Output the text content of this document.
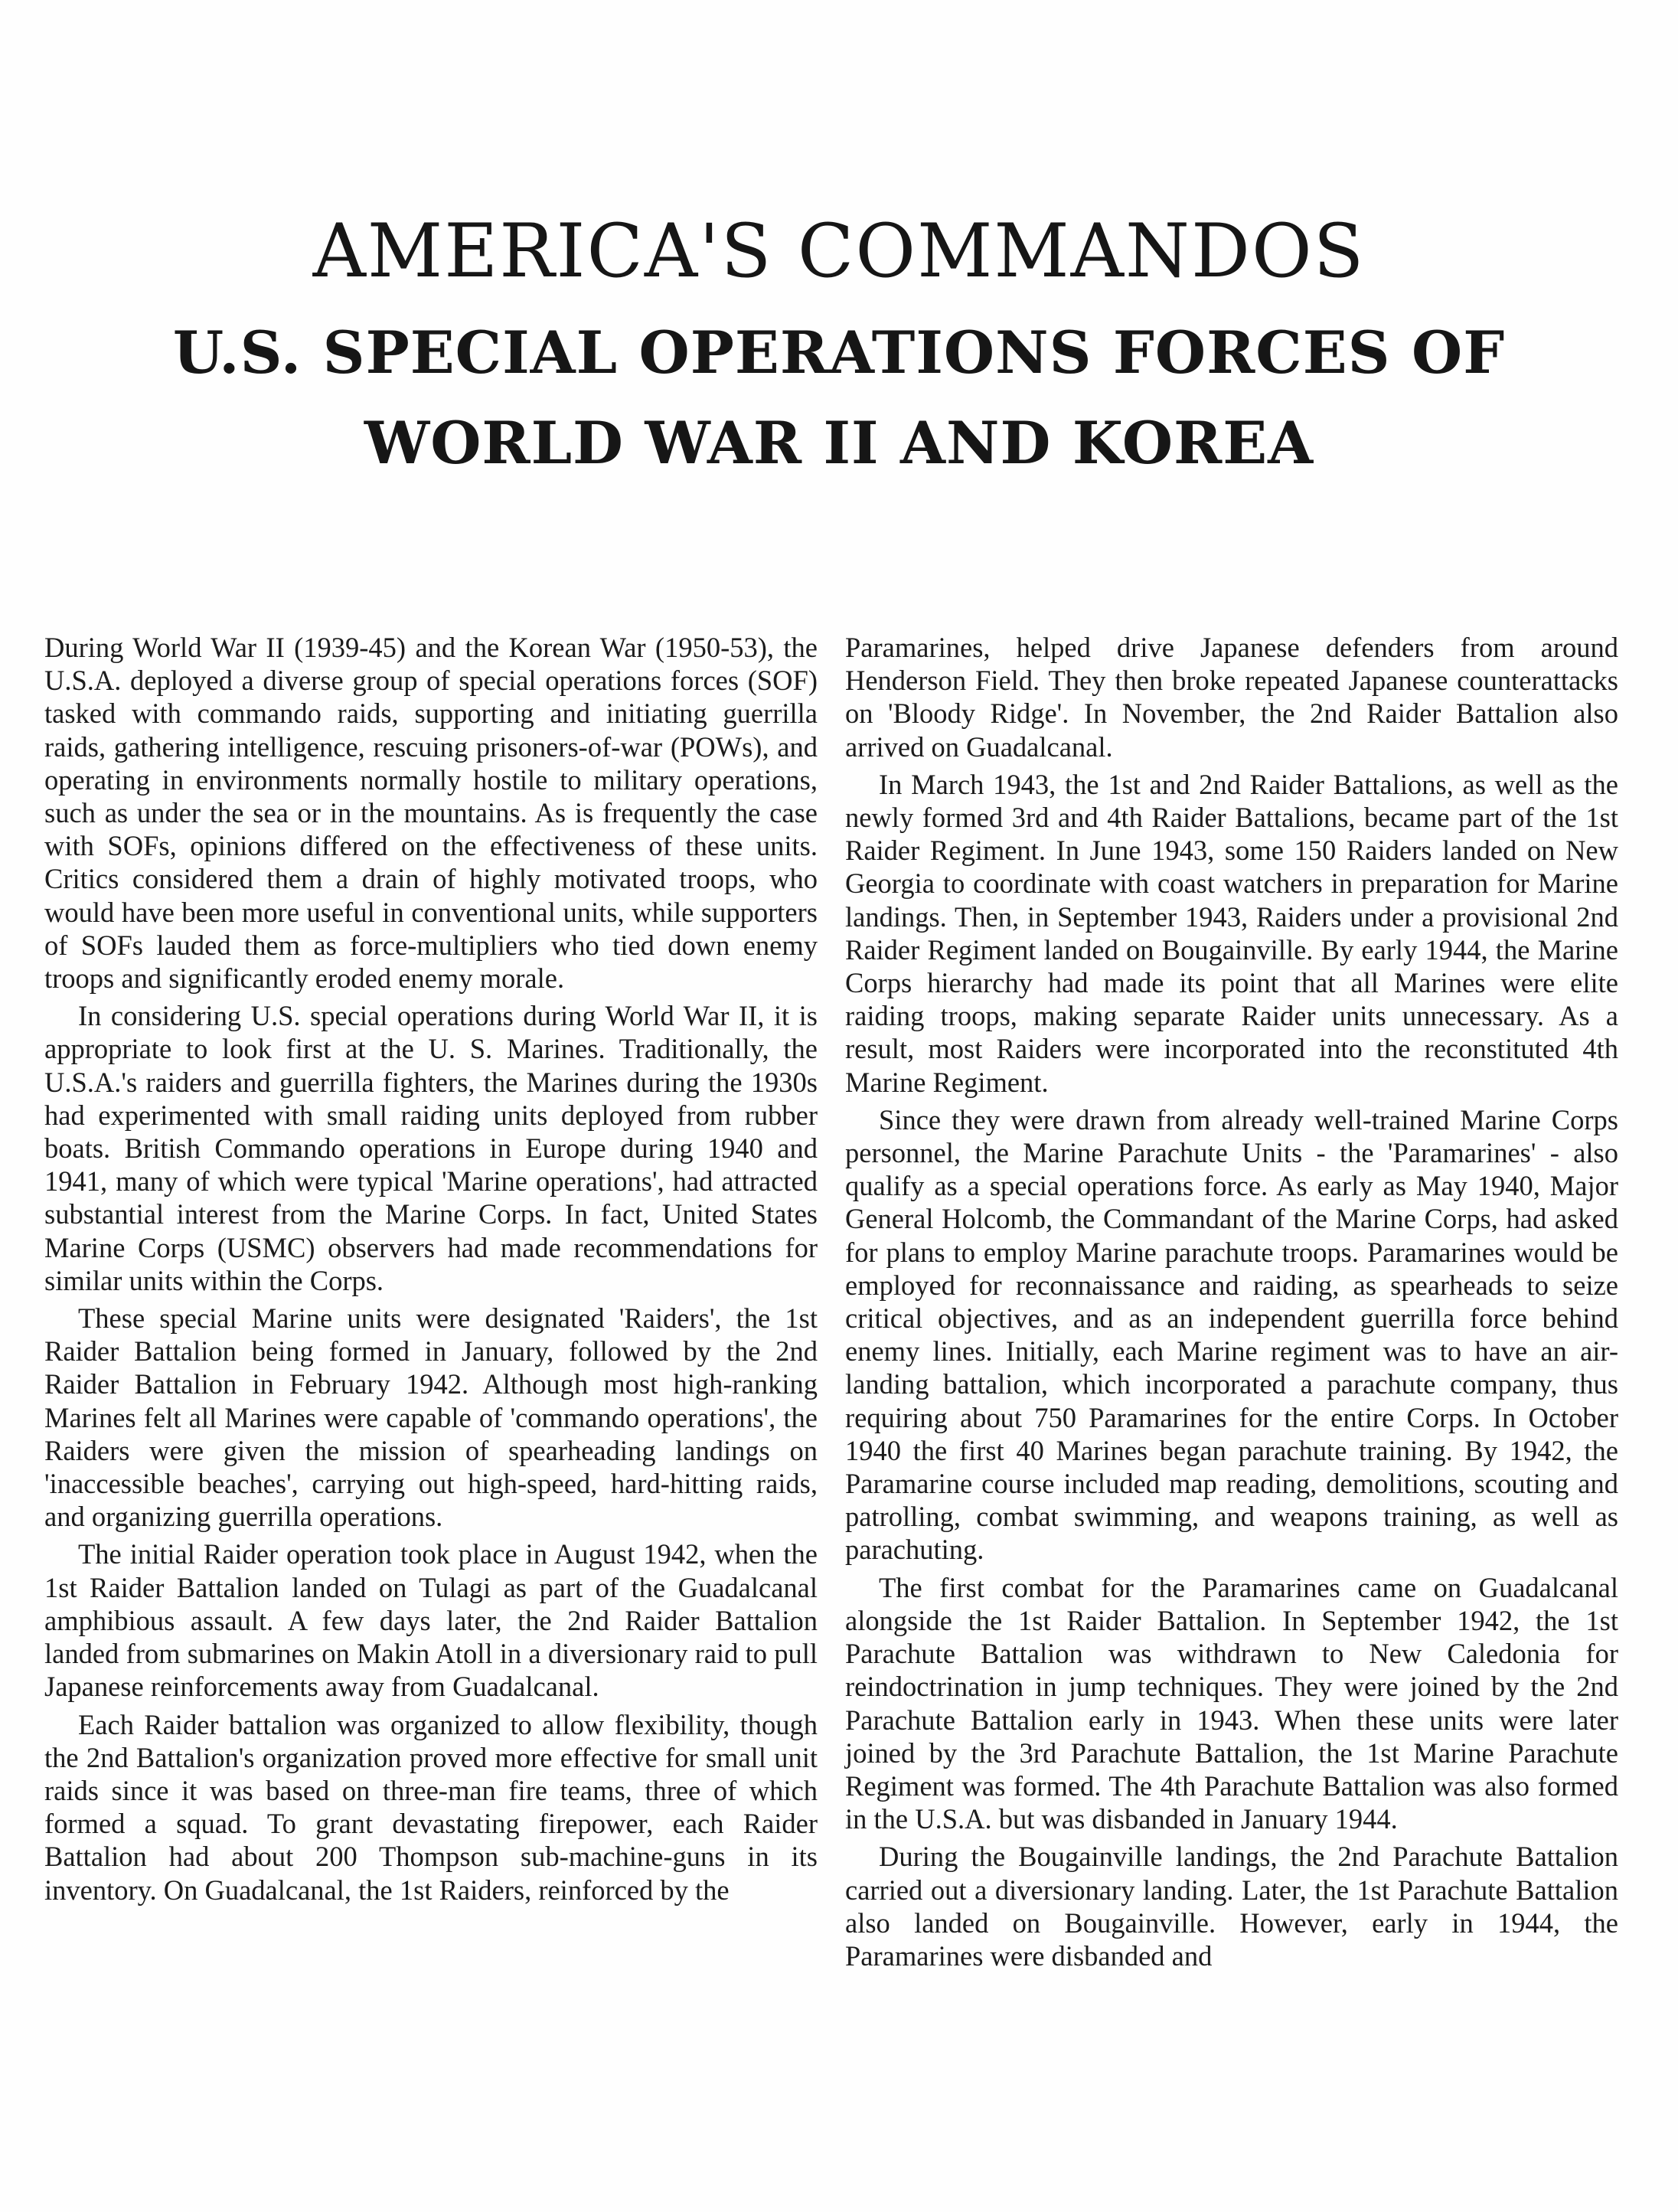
AMERICA'S COMMANDOS
U.S. SPECIAL OPERATIONS FORCES OF
WORLD WAR II AND KOREA

During World War II (1939-45) and the Korean War (1950-53), the U.S.A. deployed a diverse group of special operations forces (SOF) tasked with commando raids, supporting and initiating guerrilla raids, gathering intelligence, rescuing prisoners-of-war (POWs), and operating in environments normally hostile to military operations, such as under the sea or in the mountains. As is frequently the case with SOFs, opinions differed on the effectiveness of these units. Critics considered them a drain of highly motivated troops, who would have been more useful in conventional units, while supporters of SOFs lauded them as force-multipliers who tied down enemy troops and significantly eroded enemy morale.

In considering U.S. special operations during World War II, it is appropriate to look first at the U. S. Marines. Traditionally, the U.S.A.'s raiders and guerrilla fighters, the Marines during the 1930s had experimented with small raiding units deployed from rubber boats. British Commando operations in Europe during 1940 and 1941, many of which were typical 'Marine operations', had attracted substantial interest from the Marine Corps. In fact, United States Marine Corps (USMC) observers had made recommendations for similar units within the Corps.

These special Marine units were designated 'Raiders', the 1st Raider Battalion being formed in January, followed by the 2nd Raider Battalion in February 1942. Although most high-ranking Marines felt all Marines were capable of 'commando operations', the Raiders were given the mission of spearheading landings on 'inaccessible beaches', carrying out high-speed, hard-hitting raids, and organizing guerrilla operations.

The initial Raider operation took place in August 1942, when the 1st Raider Battalion landed on Tulagi as part of the Guadalcanal amphibious assault. A few days later, the 2nd Raider Battalion landed from submarines on Makin Atoll in a diversionary raid to pull Japanese reinforcements away from Guadalcanal.

Each Raider battalion was organized to allow flexibility, though the 2nd Battalion's organization proved more effective for small unit raids since it was based on three-man fire teams, three of which formed a squad. To grant devastating firepower, each Raider Battalion had about 200 Thompson sub-machine-guns in its inventory. On Guadalcanal, the 1st Raiders, reinforced by the

Paramarines, helped drive Japanese defenders from around Henderson Field. They then broke repeated Japanese counterattacks on 'Bloody Ridge'. In November, the 2nd Raider Battalion also arrived on Guadalcanal.

In March 1943, the 1st and 2nd Raider Battalions, as well as the newly formed 3rd and 4th Raider Battalions, became part of the 1st Raider Regiment. In June 1943, some 150 Raiders landed on New Georgia to coordinate with coast watchers in preparation for Marine landings. Then, in September 1943, Raiders under a provisional 2nd Raider Regiment landed on Bougainville. By early 1944, the Marine Corps hierarchy had made its point that all Marines were elite raiding troops, making separate Raider units unnecessary. As a result, most Raiders were incorporated into the reconstituted 4th Marine Regiment.

Since they were drawn from already well-trained Marine Corps personnel, the Marine Parachute Units - the 'Paramarines' - also qualify as a special operations force. As early as May 1940, Major General Holcomb, the Commandant of the Marine Corps, had asked for plans to employ Marine parachute troops. Paramarines would be employed for reconnaissance and raiding, as spearheads to seize critical objectives, and as an independent guerrilla force behind enemy lines. Initially, each Marine regiment was to have an air-landing battalion, which incorporated a parachute company, thus requiring about 750 Paramarines for the entire Corps. In October 1940 the first 40 Marines began parachute training. By 1942, the Paramarine course included map reading, demolitions, scouting and patrolling, combat swimming, and weapons training, as well as parachuting.

The first combat for the Paramarines came on Guadalcanal alongside the 1st Raider Battalion. In September 1942, the 1st Parachute Battalion was withdrawn to New Caledonia for reindoctrination in jump techniques. They were joined by the 2nd Parachute Battalion early in 1943. When these units were later joined by the 3rd Parachute Battalion, the 1st Marine Parachute Regiment was formed. The 4th Parachute Battalion was also formed in the U.S.A. but was disbanded in January 1944.

During the Bougainville landings, the 2nd Parachute Battalion carried out a diversionary landing. Later, the 1st Parachute Battalion also landed on Bougainville. However, early in 1944, the Paramarines were disbanded and
